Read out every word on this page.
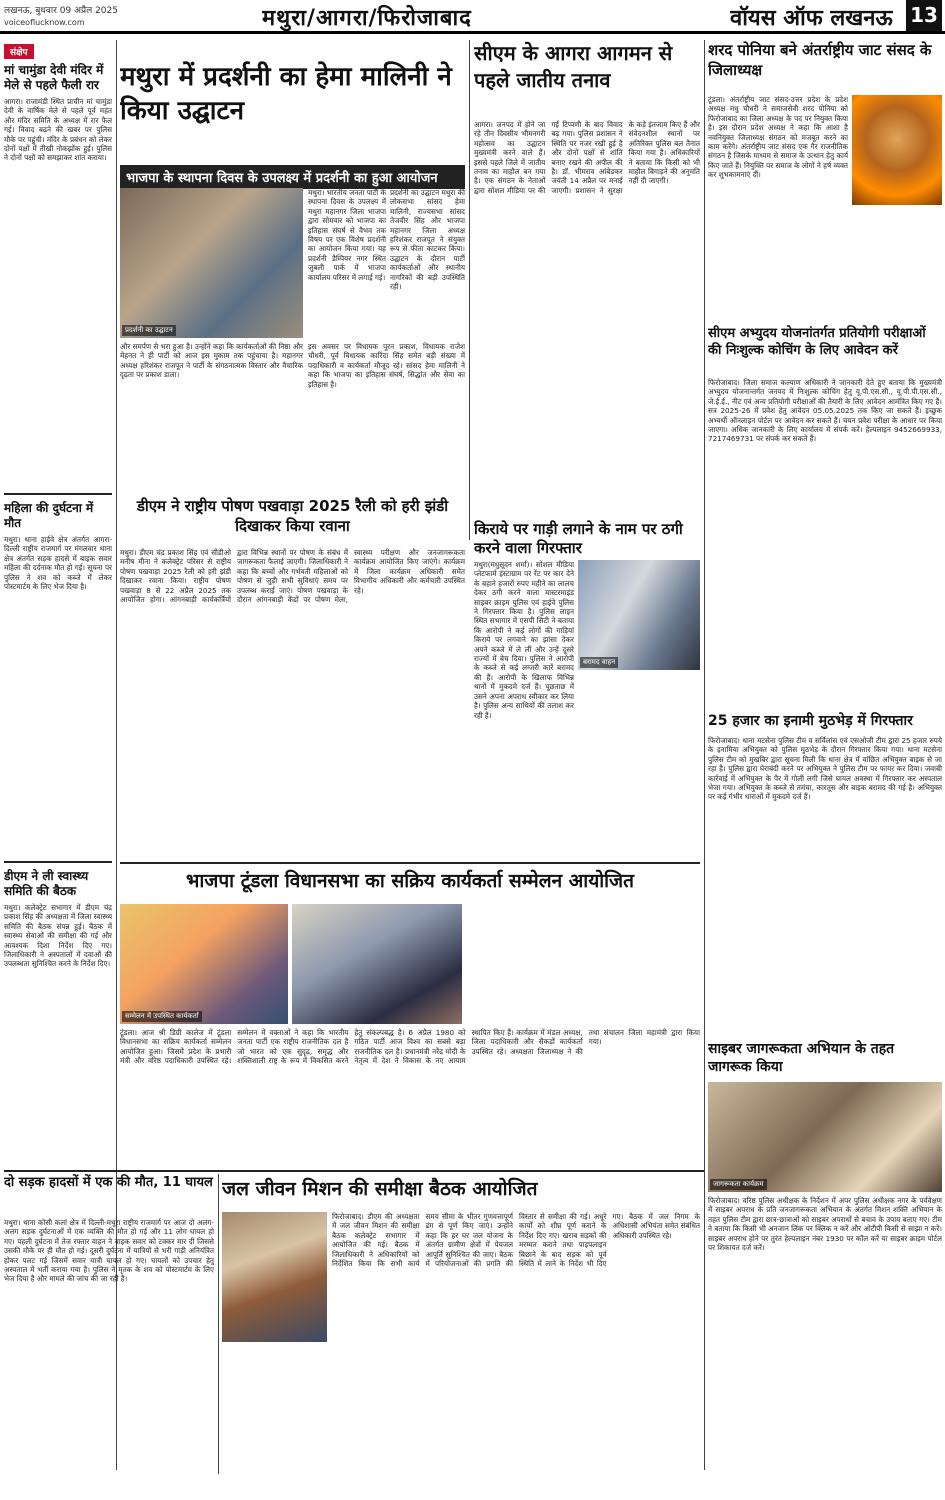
लखनऊ, बुधवार 09 अप्रैल 2025
voiceoflucknow.com	मथुरा/आगरा/फिरोजाबाद	वॉयस ऑफ लखनऊ 13
संक्षेप
मां चामुंडा देवी मंदिर में मेले से पहले फैली रार
आगरा। राजामंडी स्थित प्राचीन मां चामुंडा देवी के वार्षिक मेले से पहले पूर्व महंत और मंदिर समिति के अध्यक्ष में रार फैल गई। विवाद बढ़ने की खबर पर पुलिस मौके पर पहुंची। मंदिर के प्रबंधन को लेकर दोनों पक्षों में तीखी नोकझोंक हुई। पुलिस ने दोनों पक्षों को समझाकर शांत कराया।
महिला की दुर्घटना में मौत
मथुरा। थाना हाईवे क्षेत्र अंतर्गत आगरा-दिल्ली राष्ट्रीय राजमार्ग पर मंगलवार थाना क्षेत्र अंतर्गत सड़क हादसे में बाइक सवार महिला की दर्दनाक मौत हो गई। सूचना पर पुलिस ने शव को कब्जे में लेकर पोस्टमार्टम के लिए भेज दिया है।
डीएम ने ली स्वास्थ्य समिति की बैठक
मथुरा। कलेक्ट्रेट सभागार में डीएम चंद्र प्रकाश सिंह की अध्यक्षता में जिला स्वास्थ्य समिति की बैठक संपन्न हुई। बैठक में स्वास्थ्य सेवाओं की समीक्षा की गई और आवश्यक दिशा निर्देश दिए गए। जिलाधिकारी ने अस्पतालों में दवाओं की उपलब्धता सुनिश्चित करने के निर्देश दिए।
मथुरा में प्रदर्शनी का हेमा मालिनी ने किया उद्घाटन
भाजपा के स्थापना दिवस के उपलक्ष्य में प्रदर्शनी का हुआ आयोजन
प्रदर्शनी का उद्घाटन
मथुरा। भारतीय जनता पार्टी के स्थापना दिवस के उपलक्ष्य में मथुरा महानगर जिला भाजपा द्वारा सोमवार को भाजपा का इतिहास संघर्ष से वैभव तक विषय पर एक विशेष प्रदर्शनी का आयोजन किया गया। यह प्रदर्शनी डैम्पियर नगर स्थित जुबली पार्क में भाजपा कार्यालय परिसर में लगाई गई।
प्रदर्शनी का उद्घाटन मथुरा की लोकसभा सांसद हेमा मालिनी, राज्यसभा सांसद तेजवीर सिंह और भाजपा महानगर जिला अध्यक्ष हरिशंकर राजपूत ने संयुक्त रूप से फीता काटकर किया। उद्घाटन के दौरान पार्टी कार्यकर्ताओं और स्थानीय नागरिकों की बड़ी उपस्थिति रही।
और समर्पण से भरा हुआ है। उन्होंने कहा कि कार्यकर्ताओं की निष्ठा और मेहनत ने ही पार्टी को आज इस मुकाम तक पहुंचाया है। महानगर अध्यक्ष हरिशंकर राजपूत ने पार्टी के संगठनात्मक विस्तार और वैचारिक दृढ़ता पर प्रकाश डाला।
इस अवसर पर विधायक पूरन प्रकाश, विधायक राजेश चौधरी, पूर्व विधायक कारिंदा सिंह समेत बड़ी संख्या में पदाधिकारी व कार्यकर्ता मौजूद रहे। सांसद हेमा मालिनी ने कहा कि भाजपा का इतिहास संघर्ष, सिद्धांत और सेवा का इतिहास है।
डीएम ने राष्ट्रीय पोषण पखवाड़ा 2025 रैली को हरी झंडी दिखाकर किया रवाना
मथुरा। डीएम चंद्र प्रकाश सिंह एवं सीडीओ मनीष मीना ने कलेक्ट्रेट परिसर से राष्ट्रीय पोषण पखवाड़ा 2025 रैली को हरी झंडी दिखाकर रवाना किया। राष्ट्रीय पोषण पखवाड़ा 8 से 22 अप्रैल 2025 तक आयोजित होगा। आंगनबाड़ी कार्यकर्त्रियों द्वारा विभिन्न स्थानों पर पोषण के संबंध में जागरूकता फैलाई जाएगी। जिलाधिकारी ने कहा कि बच्चों और गर्भवती महिलाओं को पोषण से जुड़ी सभी सुविधाएं समय पर उपलब्ध कराई जाएं। पोषण पखवाड़ा के दौरान आंगनबाड़ी केंद्रों पर पोषण मेला, स्वास्थ्य परीक्षण और जनजागरूकता कार्यक्रम आयोजित किए जाएंगे। कार्यक्रम में जिला कार्यक्रम अधिकारी समेत विभागीय अधिकारी और कर्मचारी उपस्थित रहे।
सीएम के आगरा आगमन से पहले जातीय तनाव
आगरा। जनपद में होने जा रहे तीन दिवसीय भीमनगरी महोत्सव का उद्घाटन मुख्यमंत्री करने वाले हैं। इससे पहले जिले में जातीय तनाव का माहौल बन गया है। एक संगठन के नेताओं द्वारा सोशल मीडिया पर की गई टिप्पणी के बाद विवाद बढ़ गया। पुलिस प्रशासन ने स्थिति पर नजर रखी हुई है और दोनों पक्षों से शांति बनाए रखने की अपील की है। डॉ. भीमराव आंबेडकर जयंती 14 अप्रैल पर मनाई जाएगी। प्रशासन ने सुरक्षा के कड़े इंतजाम किए हैं और संवेदनशील स्थानों पर अतिरिक्त पुलिस बल तैनात किया गया है। अधिकारियों ने बताया कि किसी को भी माहौल बिगाड़ने की अनुमति नहीं दी जाएगी।
किराये पर गाड़ी लगाने के नाम पर ठगी करने वाला गिरफ्तार
मथुरा(मधुसूदन शर्मा)। सोशल मीडिया प्लेटफार्म इंस्टाग्राम पर रेंट पर कार देने के बहाने हजारों रुपए महीने का लालच देकर ठगी करने वाला मास्टरमाइंड साइबर क्राइम पुलिस एवं हाईवे पुलिस ने गिरफ्तार किया है। पुलिस लाइन स्थित सभागार में एसपी सिटी ने बताया कि आरोपी ने कई लोगों की गाड़ियां किराये पर लगवाने का झांसा देकर अपने कब्जे में ले लीं और उन्हें दूसरे राज्यों में बेच दिया। पुलिस ने आरोपी के कब्जे से कई लग्जरी कारें बरामद की हैं। आरोपी के खिलाफ विभिन्न थानों में मुकदमे दर्ज हैं। पूछताछ में उसने अपना अपराध स्वीकार कर लिया है। पुलिस अन्य साथियों की तलाश कर रही है।
बरामद वाहन
शरद पोनिया बने अंतर्राष्ट्रीय जाट संसद के जिलाध्यक्ष
टूंडला। अंतर्राष्ट्रीय जाट संसद-उत्तर प्रदेश के प्रदेश अध्यक्ष मधु चौधरी ने समाजसेवी शरद पोनिया को फिरोजाबाद का जिला अध्यक्ष के पद पर नियुक्त किया है। इस दौरान प्रदेश अध्यक्ष ने कहा कि आशा है नवनियुक्त जिलाध्यक्ष संगठन को मजबूत करने का काम करेंगे। अंतर्राष्ट्रीय जाट संसद एक गैर राजनीतिक संगठन है जिसके माध्यम से समाज के उत्थान हेतु कार्य किए जाते हैं। नियुक्ति पर समाज के लोगों ने हर्ष व्यक्त कर शुभकामनाएं दीं।
सीएम अभ्युदय योजनांतर्गत प्रतियोगी परीक्षाओं की निःशुल्क कोचिंग के लिए आवेदन करें
फिरोजाबाद। जिला समाज कल्याण अधिकारी ने जानकारी देते हुए बताया कि मुख्यमंत्री अभ्युदय योजनान्तर्गत जनपद में निःशुल्क कोचिंग हेतु यू.पी.एस.सी., यू.पी.पी.एस.सी., जे.ई.ई., नीट एवं अन्य प्रतियोगी परीक्षाओं की तैयारी के लिए आवेदन आमंत्रित किए गए हैं। सत्र 2025-26 में प्रवेश हेतु आवेदन 05.05.2025 तक किए जा सकते हैं। इच्छुक अभ्यर्थी ऑनलाइन पोर्टल पर आवेदन कर सकते हैं। चयन प्रवेश परीक्षा के आधार पर किया जाएगा। अधिक जानकारी के लिए कार्यालय में संपर्क करें। हेल्पलाइन 9452669933, 7217469731 पर संपर्क कर सकते हैं।
25 हजार का इनामी मुठभेड़ में गिरफ्तार
फिरोजाबाद। थाना मटसेना पुलिस टीम व सर्विलांस एवं एसओजी टीम द्वारा 25 हजार रुपये के इनामिया अभियुक्त को पुलिस मुठभेड़ के दौरान गिरफ्तार किया गया। थाना मटसेना पुलिस टीम को मुखबिर द्वारा सूचना मिली कि थाना क्षेत्र में वांछित अभियुक्त बाइक से जा रहा है। पुलिस द्वारा घेराबंदी करने पर अभियुक्त ने पुलिस टीम पर फायर कर दिया। जवाबी कार्रवाई में अभियुक्त के पैर में गोली लगी जिसे घायल अवस्था में गिरफ्तार कर अस्पताल भेजा गया। अभियुक्त के कब्जे से तमंचा, कारतूस और बाइक बरामद की गई है। अभियुक्त पर कई गंभीर धाराओं में मुकदमे दर्ज हैं।
साइबर जागरूकता अभियान के तहत जागरूक किया
जागरूकता कार्यक्रम
फिरोजाबाद। वरिष्ठ पुलिस अधीक्षक के निर्देशन में अपर पुलिस अधीक्षक नगर के पर्यवेक्षण में साइबर अपराध के प्रति जनजागरूकता अभियान के अंतर्गत मिशन शक्ति अभियान के तहत पुलिस टीम द्वारा छात्र-छात्राओं को साइबर अपराधों से बचाव के उपाय बताए गए। टीम ने बताया कि किसी भी अनजान लिंक पर क्लिक न करें और ओटीपी किसी से साझा न करें। साइबर अपराध होने पर तुरंत हेल्पलाइन नंबर 1930 पर कॉल करें या साइबर क्राइम पोर्टल पर शिकायत दर्ज करें।
भाजपा टूंडला विधानसभा का सक्रिय कार्यकर्ता सम्मेलन आयोजित
सम्मेलन में उपस्थित कार्यकर्ता
टूंडला। आज श्री डिग्री कालेज में टूंडला विधानसभा का सक्रिय कार्यकर्ता सम्मेलन आयोजित हुआ। जिसमें प्रदेश के प्रभारी मंत्री और वरिष्ठ पदाधिकारी उपस्थित रहे। सम्मेलन में वक्ताओं ने कहा कि भारतीय जनता पार्टी एक राष्ट्रीय राजनीतिक दल है जो भारत को एक सुदृढ़, समृद्ध और शक्तिशाली राष्ट्र के रूप में विकसित करने हेतु संकल्पबद्ध है। 6 अप्रैल 1980 को गठित पार्टी आज विश्व का सबसे बड़ा राजनीतिक दल है। प्रधानमंत्री नरेंद्र मोदी के नेतृत्व में देश ने विकास के नए आयाम स्थापित किए हैं। कार्यक्रम में मंडल अध्यक्ष, जिला पदाधिकारी और सैकड़ों कार्यकर्ता उपस्थित रहे। अध्यक्षता जिलाध्यक्ष ने की तथा संचालन जिला महामंत्री द्वारा किया गया।
दो सड़क हादसों में एक की मौत, 11 घायल
मथुरा। थाना कोसी कलां क्षेत्र में दिल्ली-मथुरा राष्ट्रीय राजमार्ग पर आज दो अलग-अलग सड़क दुर्घटनाओं में एक व्यक्ति की मौत हो गई और 11 लोग घायल हो गए। पहली दुर्घटना में तेज रफ्तार वाहन ने बाइक सवार को टक्कर मार दी जिससे उसकी मौके पर ही मौत हो गई। दूसरी दुर्घटना में यात्रियों से भरी गाड़ी अनियंत्रित होकर पलट गई जिसमें सवार यात्री घायल हो गए। घायलों को उपचार हेतु अस्पताल में भर्ती कराया गया है। पुलिस ने मृतक के शव को पोस्टमार्टम के लिए भेज दिया है और मामले की जांच की जा रही है।
जल जीवन मिशन की समीक्षा बैठक आयोजित
फिरोजाबाद। डीएम की अध्यक्षता में जल जीवन मिशन की समीक्षा बैठक कलेक्ट्रेट सभागार में आयोजित की गई। बैठक में जिलाधिकारी ने अधिकारियों को निर्देशित किया कि सभी कार्य समय सीमा के भीतर गुणवत्तापूर्ण ढंग से पूर्ण किए जाएं। उन्होंने कहा कि हर घर जल योजना के अंतर्गत ग्रामीण क्षेत्रों में पेयजल आपूर्ति सुनिश्चित की जाए। बैठक में परियोजनाओं की प्रगति की विस्तार से समीक्षा की गई। अधूरे कार्यों को शीघ्र पूर्ण कराने के निर्देश दिए गए। खराब सड़कों की मरम्मत कराने तथा पाइपलाइन बिछाने के बाद सड़क को पूर्व स्थिति में लाने के निर्देश भी दिए गए। बैठक में जल निगम के अधिशासी अभियंता समेत संबंधित अधिकारी उपस्थित रहे।
